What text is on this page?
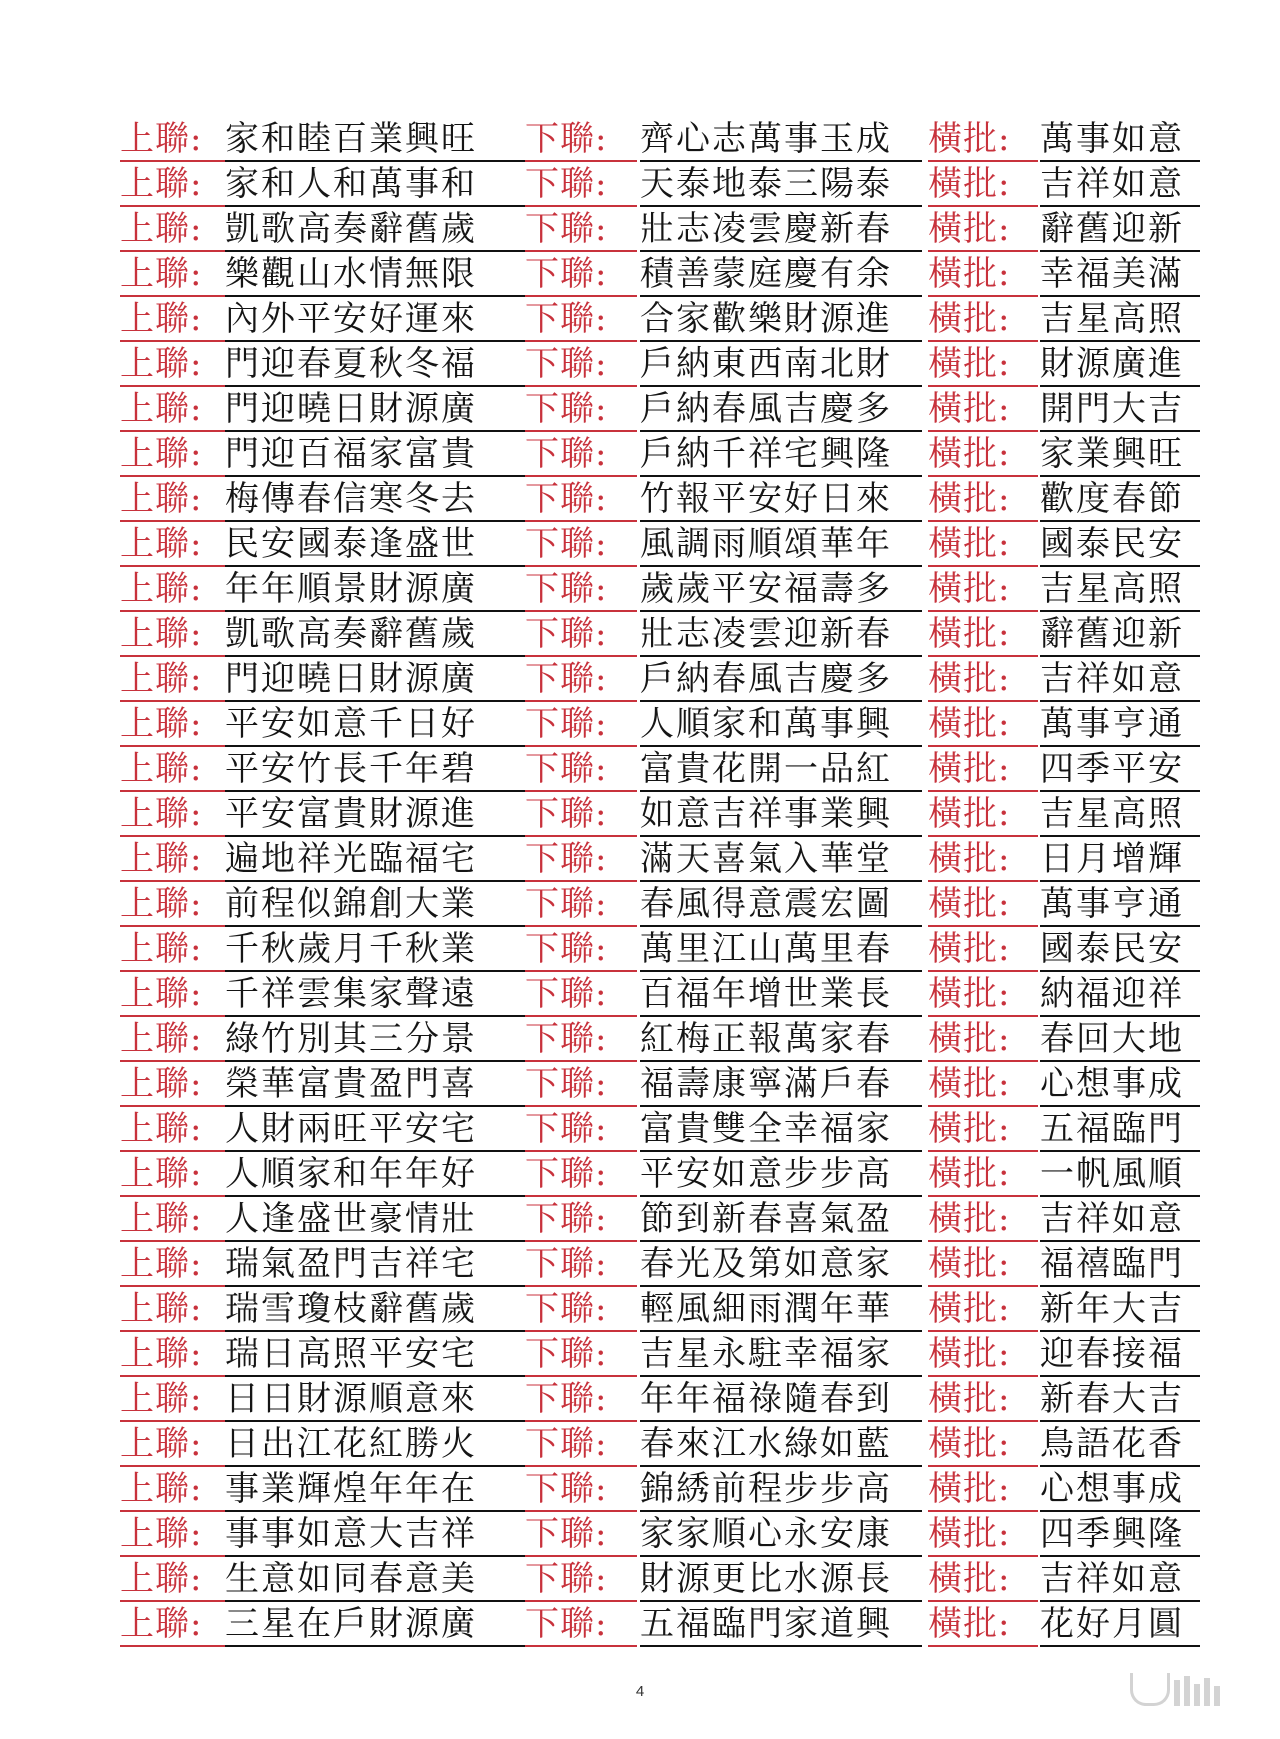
上聯: 家和睦百業興旺	下聯: 齊心志萬事玉成	橫批: 萬事如意
上聯: 家和人和萬事和	下聯: 天泰地泰三陽泰	橫批: 吉祥如意
上聯: 凱歌高奏辭舊歲	下聯: 壯志凌雲慶新春	橫批: 辭舊迎新
上聯: 樂觀山水情無限	下聯: 積善蒙庭慶有余	橫批: 幸福美滿
上聯: 內外平安好運來	下聯: 合家歡樂財源進	橫批: 吉星高照
上聯: 門迎春夏秋冬福	下聯: 戶納東西南北財	橫批: 財源廣進
上聯: 門迎曉日財源廣	下聯: 戶納春風吉慶多	橫批: 開門大吉
上聯: 門迎百福家富貴	下聯: 戶納千祥宅興隆	橫批: 家業興旺
上聯: 梅傳春信寒冬去	下聯: 竹報平安好日來	橫批: 歡度春節
上聯: 民安國泰逢盛世	下聯: 風調雨順頌華年	橫批: 國泰民安
上聯: 年年順景財源廣	下聯: 歲歲平安福壽多	橫批: 吉星高照
上聯: 凱歌高奏辭舊歲	下聯: 壯志凌雲迎新春	橫批: 辭舊迎新
上聯: 門迎曉日財源廣	下聯: 戶納春風吉慶多	橫批: 吉祥如意
上聯: 平安如意千日好	下聯: 人順家和萬事興	橫批: 萬事亨通
上聯: 平安竹長千年碧	下聯: 富貴花開一品紅	橫批: 四季平安
上聯: 平安富貴財源進	下聯: 如意吉祥事業興	橫批: 吉星高照
上聯: 遍地祥光臨福宅	下聯: 滿天喜氣入華堂	橫批: 日月增輝
上聯: 前程似錦創大業	下聯: 春風得意震宏圖	橫批: 萬事亨通
上聯: 千秋歲月千秋業	下聯: 萬里江山萬里春	橫批: 國泰民安
上聯: 千祥雲集家聲遠	下聯: 百福年增世業長	橫批: 納福迎祥
上聯: 綠竹別其三分景	下聯: 紅梅正報萬家春	橫批: 春回大地
上聯: 榮華富貴盈門喜	下聯: 福壽康寧滿戶春	橫批: 心想事成
上聯: 人財兩旺平安宅	下聯: 富貴雙全幸福家	橫批: 五福臨門
上聯: 人順家和年年好	下聯: 平安如意步步高	橫批: 一帆風順
上聯: 人逢盛世豪情壯	下聯: 節到新春喜氣盈	橫批: 吉祥如意
上聯: 瑞氣盈門吉祥宅	下聯: 春光及第如意家	橫批: 福禧臨門
上聯: 瑞雪瓊枝辭舊歲	下聯: 輕風細雨潤年華	橫批: 新年大吉
上聯: 瑞日高照平安宅	下聯: 吉星永駐幸福家	橫批: 迎春接福
上聯: 日日財源順意來	下聯: 年年福祿隨春到	橫批: 新春大吉
上聯: 日出江花紅勝火	下聯: 春來江水綠如藍	橫批: 鳥語花香
上聯: 事業輝煌年年在	下聯: 錦綉前程步步高	橫批: 心想事成
上聯: 事事如意大吉祥	下聯: 家家順心永安康	橫批: 四季興隆
上聯: 生意如同春意美	下聯: 財源更比水源長	橫批: 吉祥如意
上聯: 三星在戶財源廣	下聯: 五福臨門家道興	橫批: 花好月圓
4
